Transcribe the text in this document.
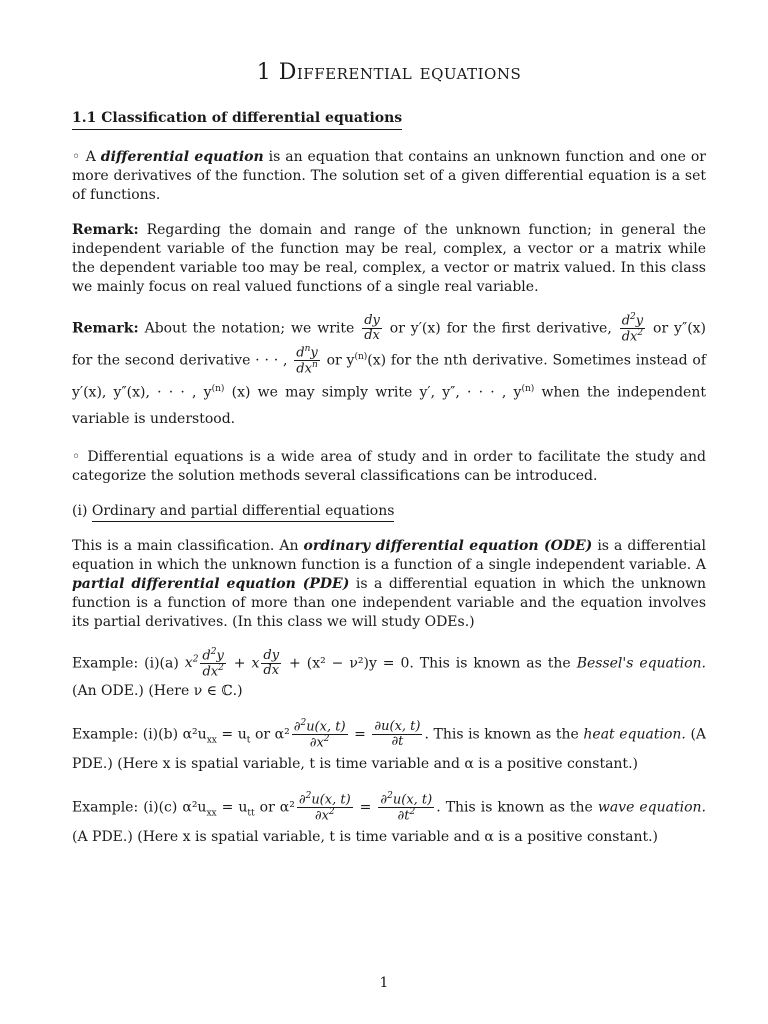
1 Differential equations
1.1 Classification of differential equations

◦ A differential equation is an equation that contains an unknown function and one or more derivatives of the function. The solution set of a given differential equation is a set of functions.

Remark: Regarding the domain and range of the unknown function; in general the independent variable of the function may be real, complex, a vector or a matrix while the dependent variable too may be real, complex, a vector or matrix valued. In this class we mainly focus on real valued functions of a single real variable.

Remark: About the notation; we write $\frac{dy}{dx}$ or y′(x) for the first derivative, $\frac{d^2y}{dx^2}$ or y″(x) for the second derivative · · · , $\frac{d^ny}{dx^n}$ or $y^{(n)}(x)$ for the nth derivative. Sometimes instead of y′(x), y″(x), · · · , $y^{(n)}$ (x) we may simply write y′, y″, · · · , $y^{(n)}$ when the independent variable is understood.

◦ Differential equations is a wide area of study and in order to facilitate the study and categorize the solution methods several classifications can be introduced.

(i) Ordinary and partial differential equations

This is a main classification. An ordinary differential equation (ODE) is a differential equation in which the unknown function is a function of a single independent variable. A partial differential equation (PDE) is a differential equation in which the unknown function is a function of more than one independent variable and the equation involves its partial derivatives. (In this class we will study ODEs.)

Example: (i)(a) $x^2 \frac{d^2y}{dx^2} + x \frac{dy}{dx} + (x^2 - \nu^2)y = 0$. This is known as the Bessel's equation. (An ODE.) (Here ν ∈ ℂ.)

Example: (i)(b) $\alpha^2u_{xx} = u_t$ or $\alpha^2 \frac{\partial^2u(x, t)}{\partial x^2} = \frac{\partial u(x, t)}{\partial t}$ . This is known as the heat equation. (A PDE.) (Here x is spatial variable, t is time variable and α is a positive constant.)

Example: (i)(c) $\alpha^2u_{xx} = u_{tt}$ or $\alpha^2 \frac{\partial^2u(x, t)}{\partial x^2} = \frac{\partial^2u(x, t)}{\partial t^2}$ . This is known as the wave equation. (A PDE.) (Here x is spatial variable, t is time variable and α is a positive constant.)

1
